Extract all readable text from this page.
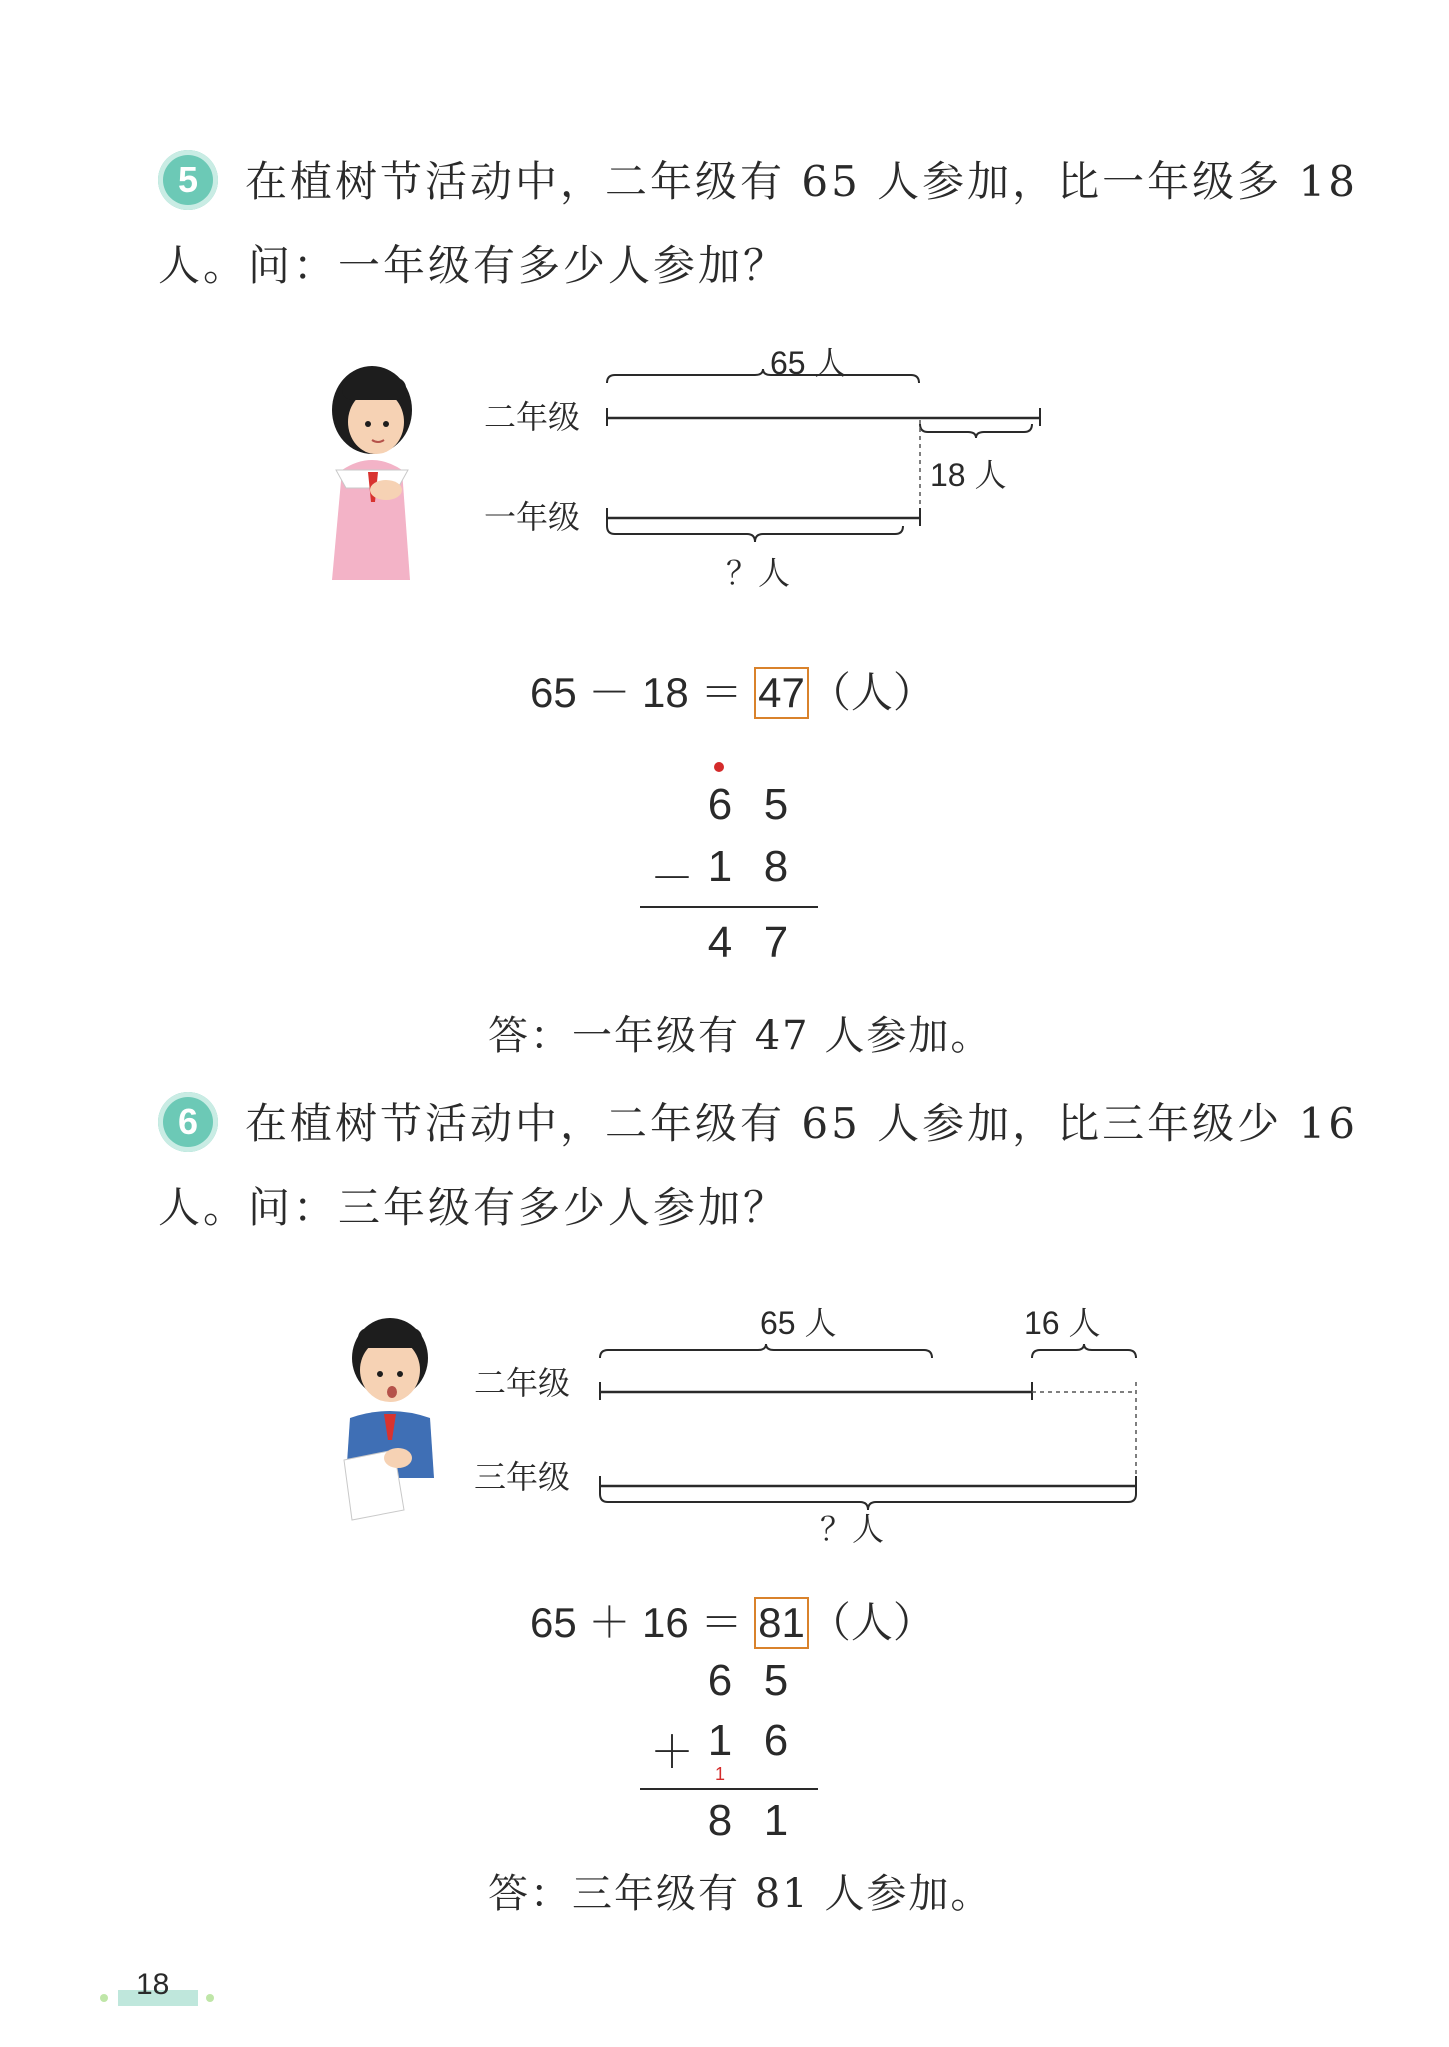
5	在植树节活动中，二年级有 65 人参加，比一年级多 18
人。问：一年级有多少人参加？
二年级
一年级
65 人
18 人
？人
65 － 18 ＝ 47（人）
6 5
－ 1 8
4 7
答：一年级有 47 人参加。
6	在植树节活动中，二年级有 65 人参加，比三年级少 16
人。问：三年级有多少人参加？
二年级
三年级
65 人	16 人
？人
65 ＋ 16 ＝ 81（人）
6 5
＋ 1 6
1
8 1
答：三年级有 81 人参加。
18
